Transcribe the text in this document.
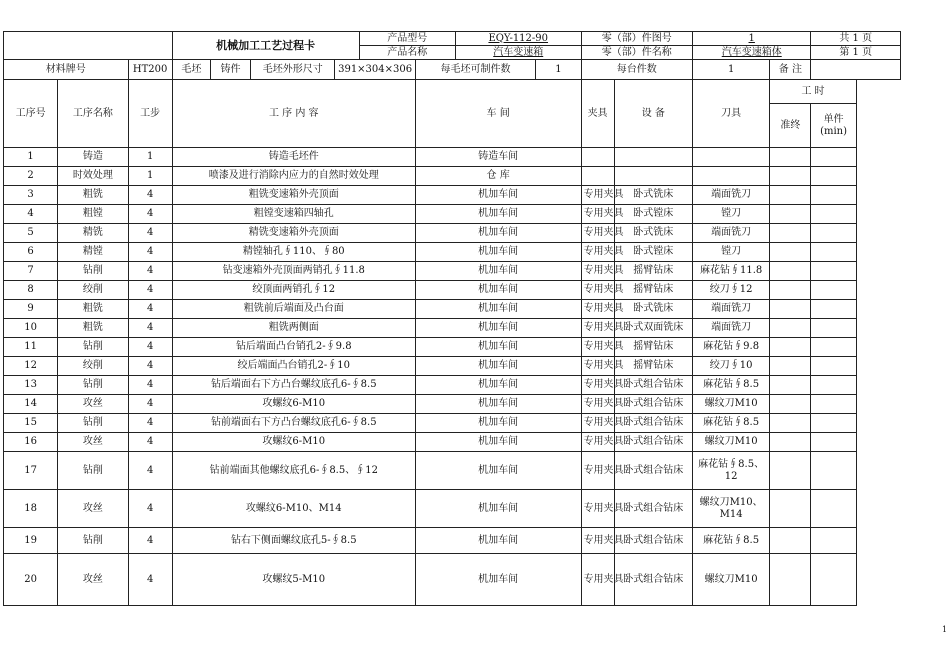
			机械加工工艺过程卡				产品型号		EQY-112-90		零（部）件图号		1		共 1 页
							产品名称		汽车变速箱		零（部）件名称		汽车变速箱体		第 1 页
材料牌号		HT200	毛坯	铸件	毛坯外形尺寸	391×304×306		每毛坯可制件数		1	每台件数		1	备 注	
工序号	工序名称	工步	工 序 内 容					车 间			夹具	设 备	刀具	工 时	
														准终	单件(min)
1	铸造	1	铸造毛坯件					铸造车间							
2	时效处理	1	喷漆及进行消除内应力的自然时效处理					仓 库							
3	粗铣	4	粗铣变速箱外壳顶面					机加车间			专用夹具	卧式铣床	端面铣刀		
4	粗镗	4	粗镗变速箱四轴孔					机加车间			专用夹具	卧式镗床	镗刀		
5	精铣	4	精铣变速箱外壳顶面					机加车间			专用夹具	卧式铣床	端面铣刀		
6	精镗	4	精镗轴孔∮110、∮80					机加车间			专用夹具	卧式镗床	镗刀		
7	钻削	4	钻变速箱外壳顶面两销孔∮11.8					机加车间			专用夹具	摇臂钻床	麻花钻∮11.8		
8	绞削	4	绞顶面两销孔∮12					机加车间			专用夹具	摇臂钻床	绞刀∮12		
9	粗铣	4	粗铣前后端面及凸台面					机加车间			专用夹具	卧式铣床	端面铣刀		
10	粗铣	4	粗铣两侧面					机加车间			专用夹具	卧式双面铣床	端面铣刀		
11	钻削	4	钻后端面凸台销孔2-∮9.8					机加车间			专用夹具	摇臂钻床	麻花钻∮9.8		
12	绞削	4	绞后端面凸台销孔2-∮10					机加车间			专用夹具	摇臂钻床	绞刀∮10		
13	钻削	4	钻后端面右下方凸台螺纹底孔6-∮8.5					机加车间			专用夹具	卧式组合钻床	麻花钻∮8.5		
14	攻丝	4	攻螺纹6-M10					机加车间			专用夹具	卧式组合钻床	螺纹刀M10		
15	钻削	4	钻前端面右下方凸台螺纹底孔6-∮8.5					机加车间			专用夹具	卧式组合钻床	麻花钻∮8.5		
16	攻丝	4	攻螺纹6-M10					机加车间			专用夹具	卧式组合钻床	螺纹刀M10		
17	钻削	4	钻前端面其他螺纹底孔6-∮8.5、∮12					机加车间			专用夹具	卧式组合钻床	麻花钻∮8.5、12		
18	攻丝	4	攻螺纹6-M10、M14					机加车间			专用夹具	卧式组合钻床	螺纹刀M10、M14		
19	钻削	4	钻右下侧面螺纹底孔5-∮8.5					机加车间			专用夹具	卧式组合钻床	麻花钻∮8.5		
20	攻丝	4	攻螺纹5-M10					机加车间			专用夹具	卧式组合钻床	螺纹刀M10		
1
